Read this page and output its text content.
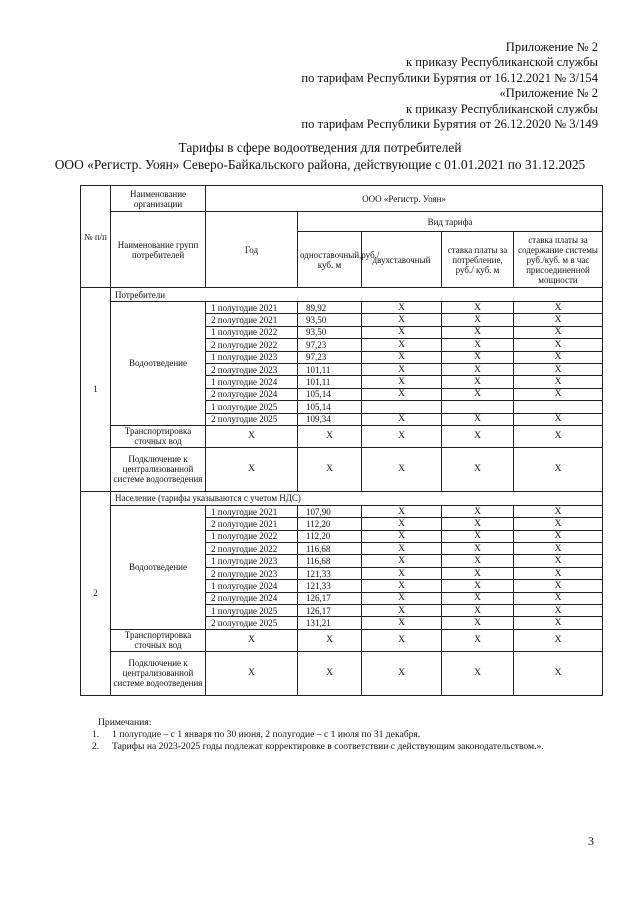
Приложение № 2
к приказу Республиканской службы
по тарифам Республики Бурятия от 16.12.2021 № 3/154
«Приложение № 2
к приказу Республиканской службы
по тарифам Республики Бурятия от 26.12.2020 № 3/149
Тарифы в сфере водоотведения для потребителей
ООО «Регистр. Уоян» Северо-Байкальского района, действующие с 01.01.2021 по 31.12.2025
№ п/п	Наименование организации	ООО «Регистр. Уоян»				
	Наименование групп потребителей	Год	Вид тарифа			
			одноставочный,руб./ куб. м	двухставочный	ставка платы за потребление, руб./ куб. м	ставка платы за содержание системы руб./куб. м в час присоединенной мощности
1	Потребители					
	Водоотведение	1 полугодие 2021	89,92	Х	Х	Х
		2 полугодие 2021	93,50	Х	Х	Х
		1 полугодие 2022	93,50	Х	Х	Х
		2 полугодие 2022	97,23	Х	Х	Х
		1 полугодие 2023	97,23	Х	Х	Х
		2 полугодие 2023	101,11	Х	Х	Х
		1 полугодие 2024	101,11	Х	Х	Х
		2 полугодие 2024	105,14	Х	Х	Х
		1 полугодие 2025	105,14			
		2 полугодие 2025	109,34	Х	Х	Х
	Транспортировка сточных вод	Х	Х	Х	Х	Х
	Подключение к централизованной системе водоотведения	Х	Х	Х	Х	Х
2	Население (тарифы указываются с учетом НДС)					
	Водоотведение	1 полугодие 2021	107,90	Х	Х	Х
		2 полугодие 2021	112,20	Х	Х	Х
		1 полугодие 2022	112,20	Х	Х	Х
		2 полугодие 2022	116,68	Х	Х	Х
		1 полугодие 2023	116,68	Х	Х	Х
		2 полугодие 2023	121,33	Х	Х	Х
		1 полугодие 2024	121,33	Х	Х	Х
		2 полугодие 2024	126,17	Х	Х	Х
		1 полугодие 2025	126,17	Х	Х	Х
		2 полугодие 2025	131,21	Х	Х	Х
	Транспортировка сточных вод	Х	Х	Х	Х	Х
	Подключение к централизованной системе водоотведения	Х	Х	Х	Х	Х
Примечания:
1.	1 полугодие – с 1 января по 30 июня, 2 полугодие – с 1 июля по 31 декабря.
2.	Тарифы на 2023-2025 годы подлежат корректировке в соответствии с действующим законодательством.».
3
